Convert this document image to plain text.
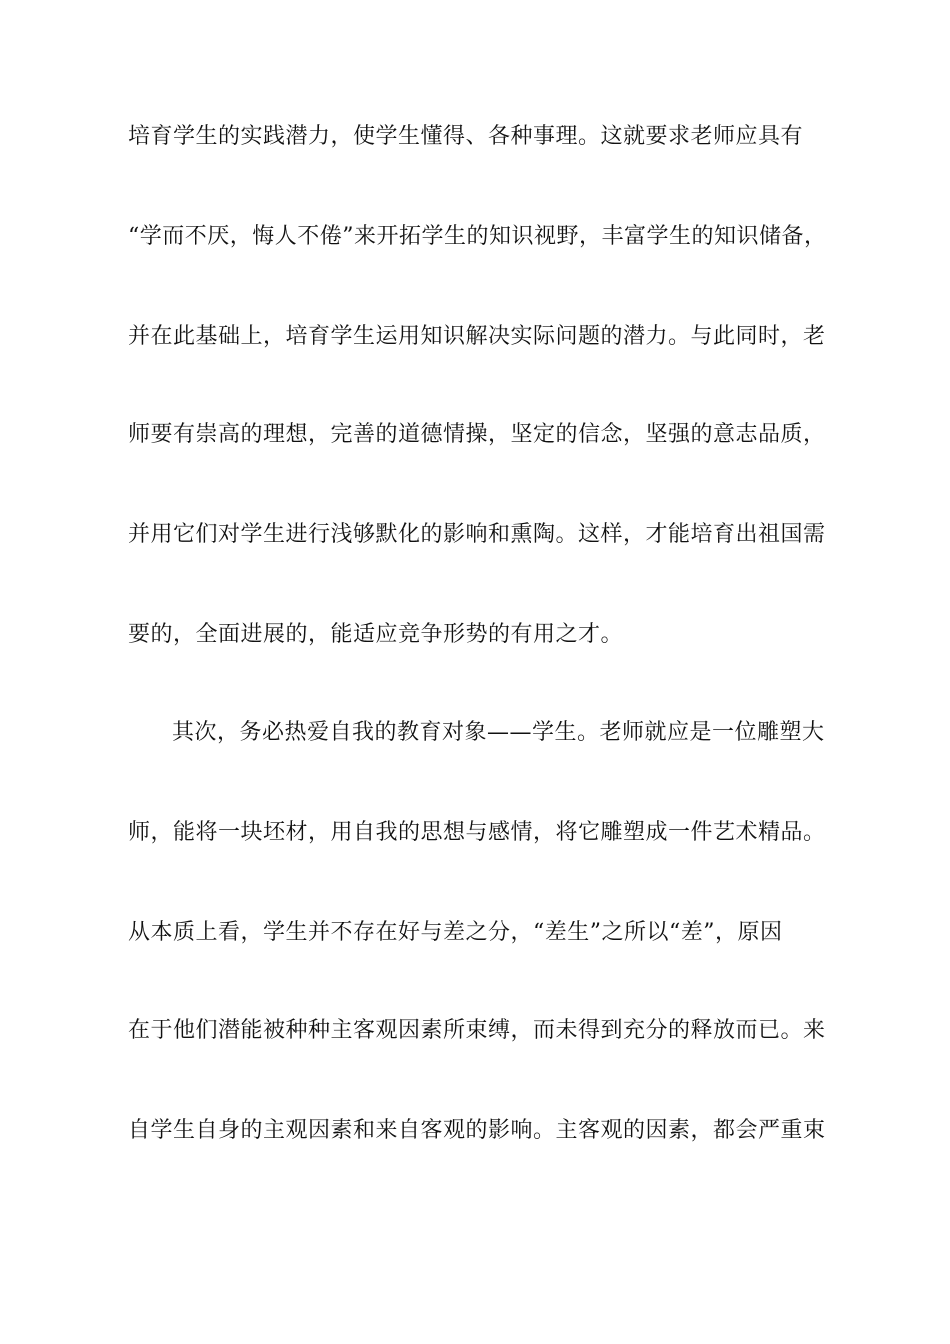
培育学生的实践潜力，使学生懂得、各种事理。这就要求老师应具有
“学而不厌，悔人不倦”来开拓学生的知识视野，丰富学生的知识储备，
并在此基础上，培育学生运用知识解决实际问题的潜力。与此同时，老
师要有崇高的理想，完善的道德情操，坚定的信念，坚强的意志品质，
并用它们对学生进行浅够默化的影响和熏陶。这样，才能培育出祖国需
要的，全面进展的，能适应竞争形势的有用之才。
其次，务必热爱自我的教育对象——学生。老师就应是一位雕塑大
师，能将一块坯材，用自我的思想与感情，将它雕塑成一件艺术精品。
从本质上看，学生并不存在好与差之分，“差生”之所以“差”，原因
在于他们潜能被种种主客观因素所束缚，而未得到充分的释放而已。来
自学生自身的主观因素和来自客观的影响。主客观的因素，都会严重束
